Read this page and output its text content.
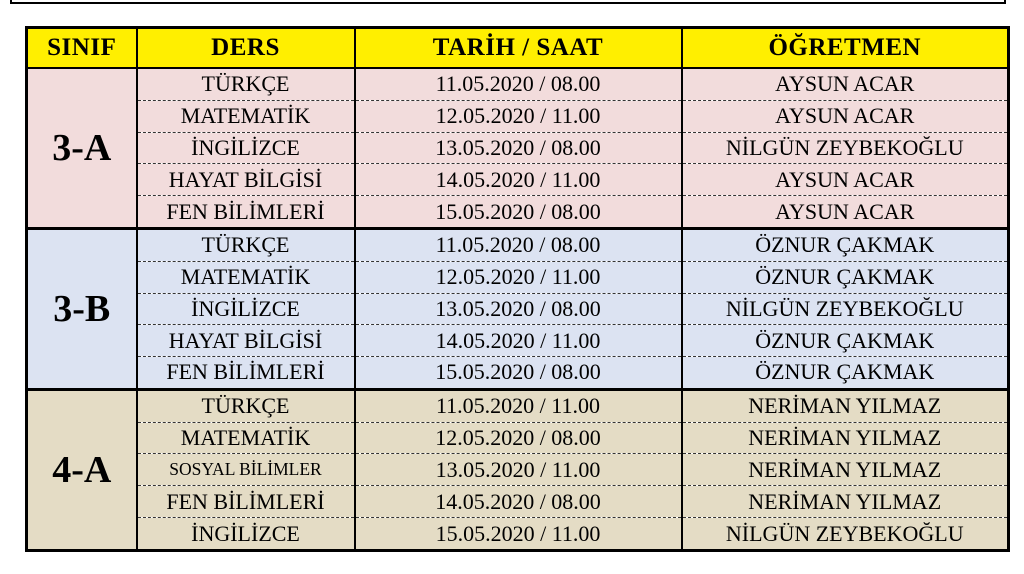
SINIF	DERS	TARİH / SAAT	ÖĞRETMEN
3-A	TÜRKÇE	11.05.2020 / 08.00	AYSUN ACAR
	MATEMATİK	12.05.2020 / 11.00	AYSUN ACAR
	İNGİLİZCE	13.05.2020 / 08.00	NİLGÜN ZEYBEKOĞLU
	HAYAT BİLGİSİ	14.05.2020 / 11.00	AYSUN ACAR
	FEN BİLİMLERİ	15.05.2020 / 08.00	AYSUN ACAR
3-B	TÜRKÇE	11.05.2020 / 08.00	ÖZNUR ÇAKMAK
	MATEMATİK	12.05.2020 / 11.00	ÖZNUR ÇAKMAK
	İNGİLİZCE	13.05.2020 / 08.00	NİLGÜN ZEYBEKOĞLU
	HAYAT BİLGİSİ	14.05.2020 / 11.00	ÖZNUR ÇAKMAK
	FEN BİLİMLERİ	15.05.2020 / 08.00	ÖZNUR ÇAKMAK
4-A	TÜRKÇE	11.05.2020 / 11.00	NERİMAN YILMAZ
	MATEMATİK	12.05.2020 / 08.00	NERİMAN YILMAZ
	SOSYAL BİLİMLER	13.05.2020 / 11.00	NERİMAN YILMAZ
	FEN BİLİMLERİ	14.05.2020 / 08.00	NERİMAN YILMAZ
	İNGİLİZCE	15.05.2020 / 11.00	NİLGÜN ZEYBEKOĞLU
